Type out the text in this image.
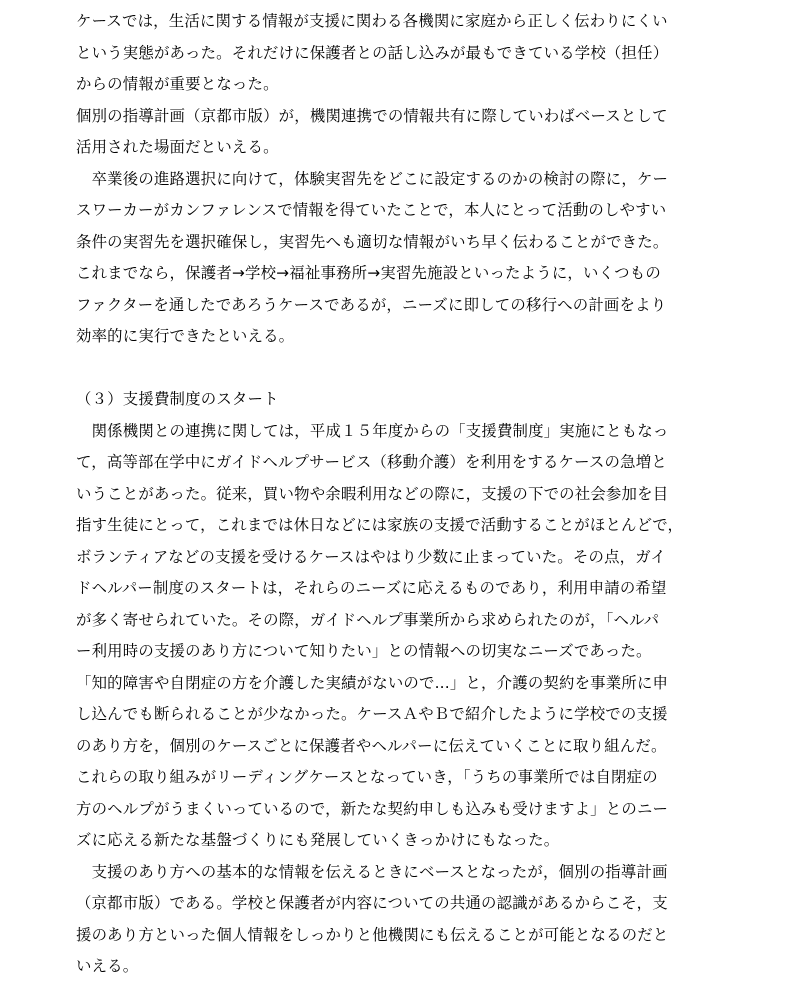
ケースでは，生活に関する情報が支援に関わる各機関に家庭から正しく伝わりにくい
という実態があった。それだけに保護者との話し込みが最もできている学校（担任）
からの情報が重要となった。
個別の指導計画（京都市版）が，機関連携での情報共有に際していわばベースとして
活用された場面だといえる。
　卒業後の進路選択に向けて，体験実習先をどこに設定するのかの検討の際に，ケー
スワーカーがカンファレンスで情報を得ていたことで，本人にとって活動のしやすい
条件の実習先を選択確保し，実習先へも適切な情報がいち早く伝わることができた。
これまでなら，保護者→学校→福祉事務所→実習先施設といったように，いくつもの
ファクターを通したであろうケースであるが，ニーズに即しての移行への計画をより
効率的に実行できたといえる。
（３）支援費制度のスタート
　関係機関との連携に関しては，平成１５年度からの「支援費制度」実施にともなっ
て，高等部在学中にガイドヘルプサービス（移動介護）を利用をするケースの急増と
いうことがあった。従来，買い物や余暇利用などの際に，支援の下での社会参加を目
指す生徒にとって，これまでは休日などには家族の支援で活動することがほとんどで，
ボランティアなどの支援を受けるケースはやはり少数に止まっていた。その点，ガイ
ドヘルパー制度のスタートは，それらのニーズに応えるものであり，利用申請の希望
が多く寄せられていた。その際，ガイドヘルプ事業所から求められたのが，「ヘルパ
ー利用時の支援のあり方について知りたい」との情報への切実なニーズであった。
「知的障害や自閉症の方を介護した実績がないので...」と，介護の契約を事業所に申
し込んでも断られることが少なかった。ケースＡやＢで紹介したように学校での支援
のあり方を，個別のケースごとに保護者やヘルパーに伝えていくことに取り組んだ。
これらの取り組みがリーディングケースとなっていき，「うちの事業所では自閉症の
方のヘルプがうまくいっているので，新たな契約申しも込みも受けますよ」とのニー
ズに応える新たな基盤づくりにも発展していくきっかけにもなった。
　支援のあり方への基本的な情報を伝えるときにベースとなったが，個別の指導計画
（京都市版）である。学校と保護者が内容についての共通の認識があるからこそ，支
援のあり方といった個人情報をしっかりと他機関にも伝えることが可能となるのだと
いえる。
